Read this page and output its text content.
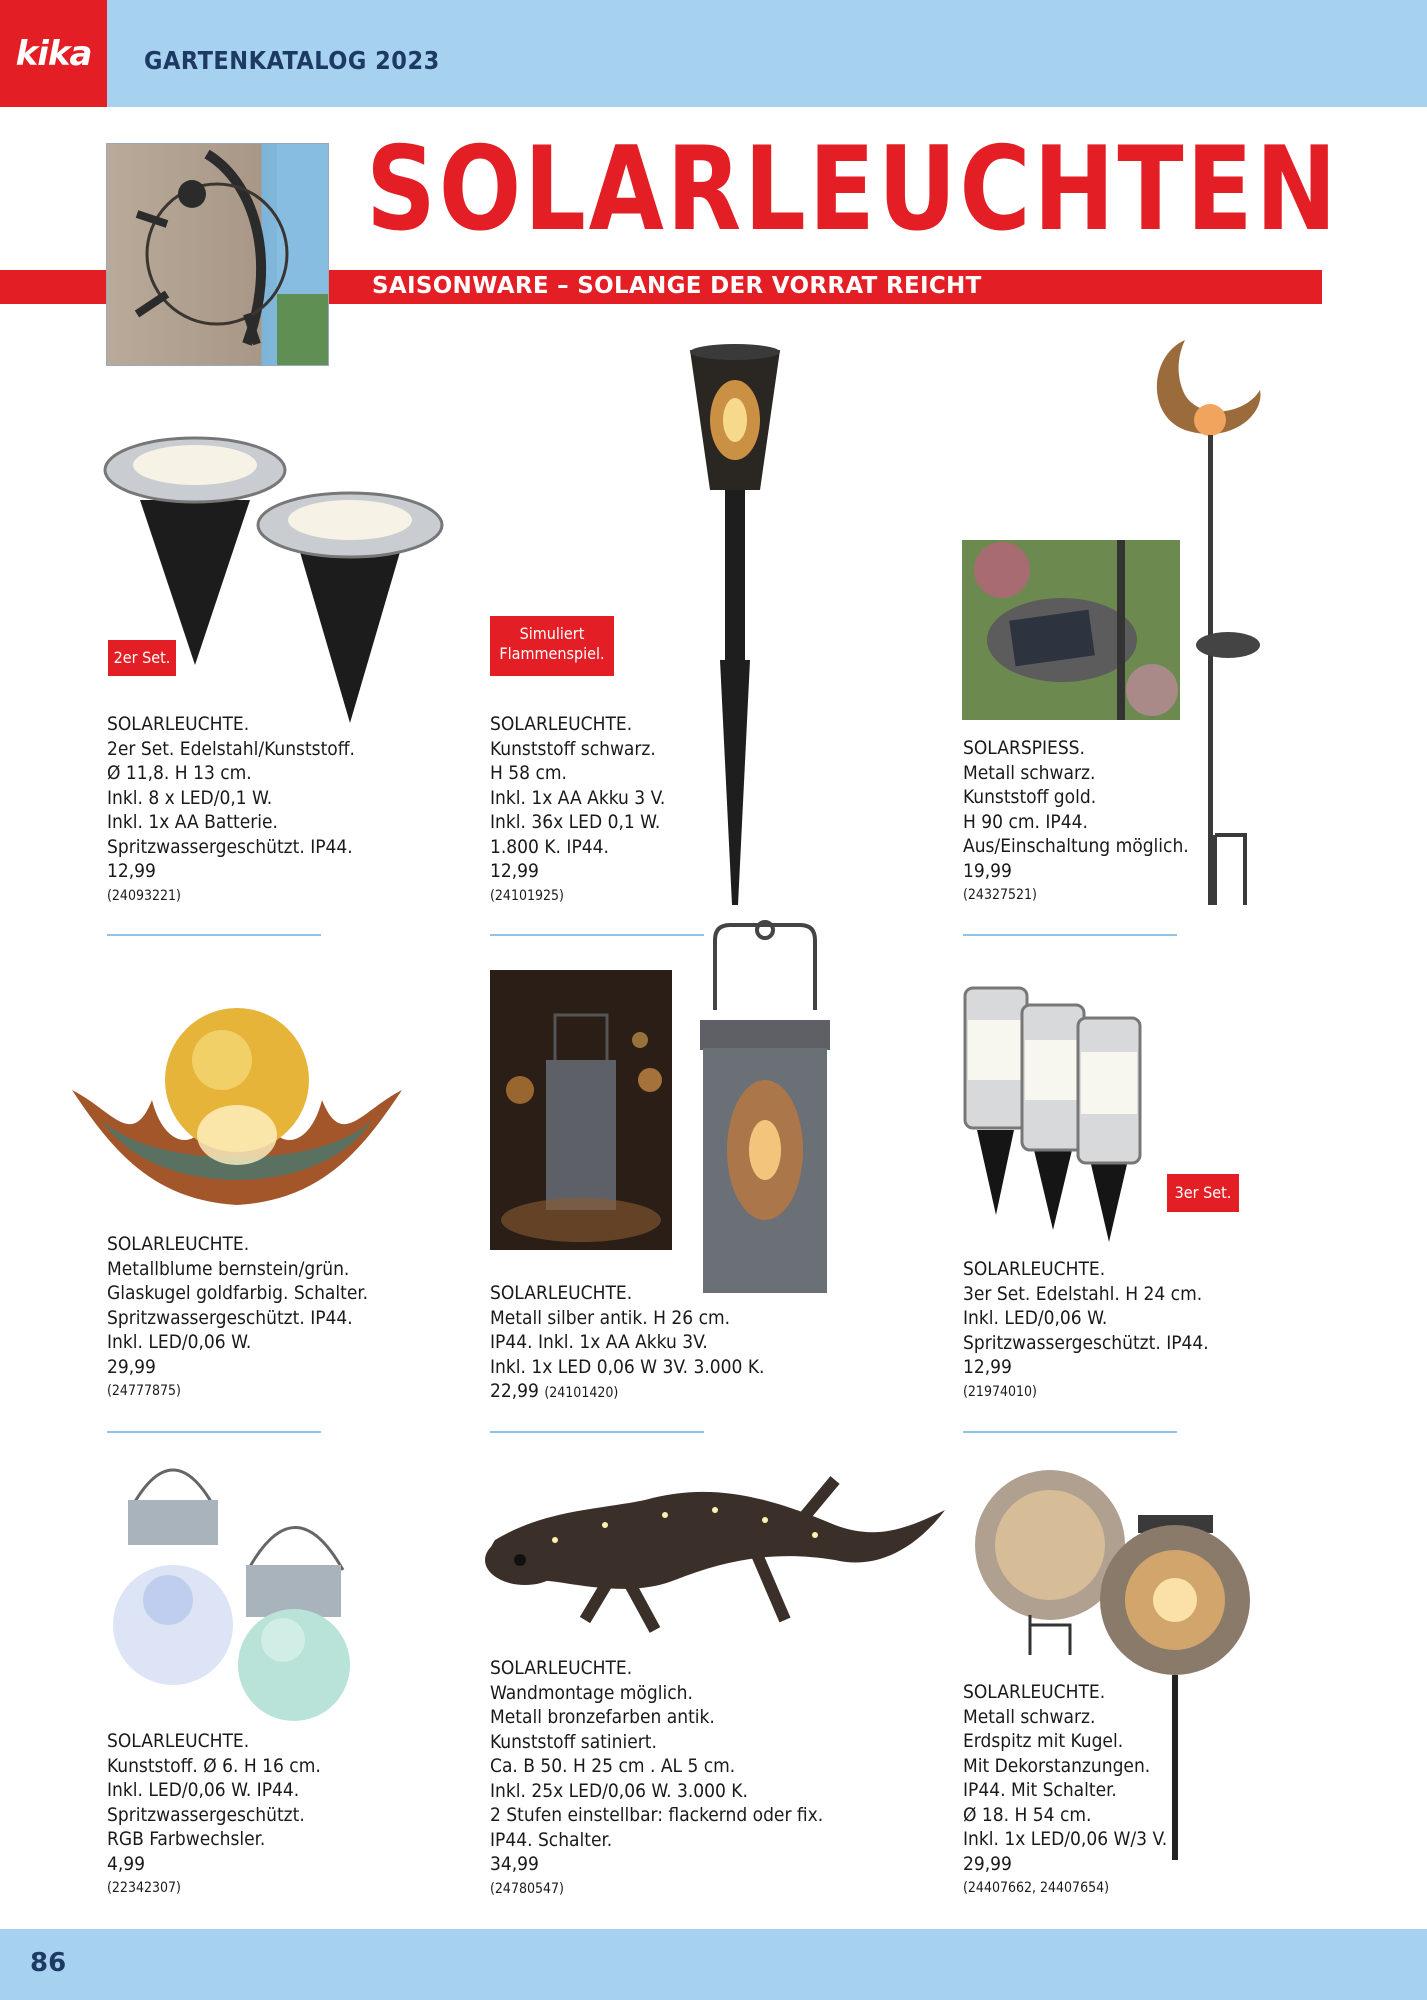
kika	GARTENKATALOG 2023
SOLARLEUCHTEN
SAISONWARE – SOLANGE DER VORRAT REICHT
2er Set.
Simuliert
Flammenspiel.
3er Set.
SOLARLEUCHTE.
2er Set. Edelstahl/Kunststoff.
Ø 11,8. H 13 cm.
Inkl. 8 x LED/0,1 W.
Inkl. 1x AA Batterie.
Spritzwassergeschützt. IP44.
12,99
(24093221)
SOLARLEUCHTE.
Kunststoff schwarz.
H 58 cm.
Inkl. 1x AA Akku 3 V.
Inkl. 36x LED 0,1 W.
1.800 K. IP44.
12,99
(24101925)
SOLARSPIESS.
Metall schwarz.
Kunststoff gold.
H 90 cm. IP44.
Aus/Einschaltung möglich.
19,99
(24327521)
SOLARLEUCHTE.
Metallblume bernstein/grün.
Glaskugel goldfarbig. Schalter.
Spritzwassergeschützt. IP44.
Inkl. LED/0,06 W.
29,99
(24777875)
SOLARLEUCHTE.
Metall silber antik. H 26 cm.
IP44. Inkl. 1x AA Akku 3V.
Inkl. 1x LED 0,06 W 3V. 3.000 K.
22,99 (24101420)
SOLARLEUCHTE.
3er Set. Edelstahl. H 24 cm.
Inkl. LED/0,06 W.
Spritzwassergeschützt. IP44.
12,99
(21974010)
SOLARLEUCHTE.
Kunststoff. Ø 6. H 16 cm.
Inkl. LED/0,06 W. IP44.
Spritzwassergeschützt.
RGB Farbwechsler.
4,99
(22342307)
SOLARLEUCHTE.
Wandmontage möglich.
Metall bronzefarben antik.
Kunststoff satiniert.
Ca. B 50. H 25 cm . AL 5 cm.
Inkl. 25x LED/0,06 W. 3.000 K.
2 Stufen einstellbar: flackernd oder fix.
IP44. Schalter.
34,99
(24780547)
SOLARLEUCHTE.
Metall schwarz.
Erdspitz mit Kugel.
Mit Dekorstanzungen.
IP44. Mit Schalter.
Ø 18. H 54 cm.
Inkl. 1x LED/0,06 W/3 V.
29,99
(24407662, 24407654)
86
